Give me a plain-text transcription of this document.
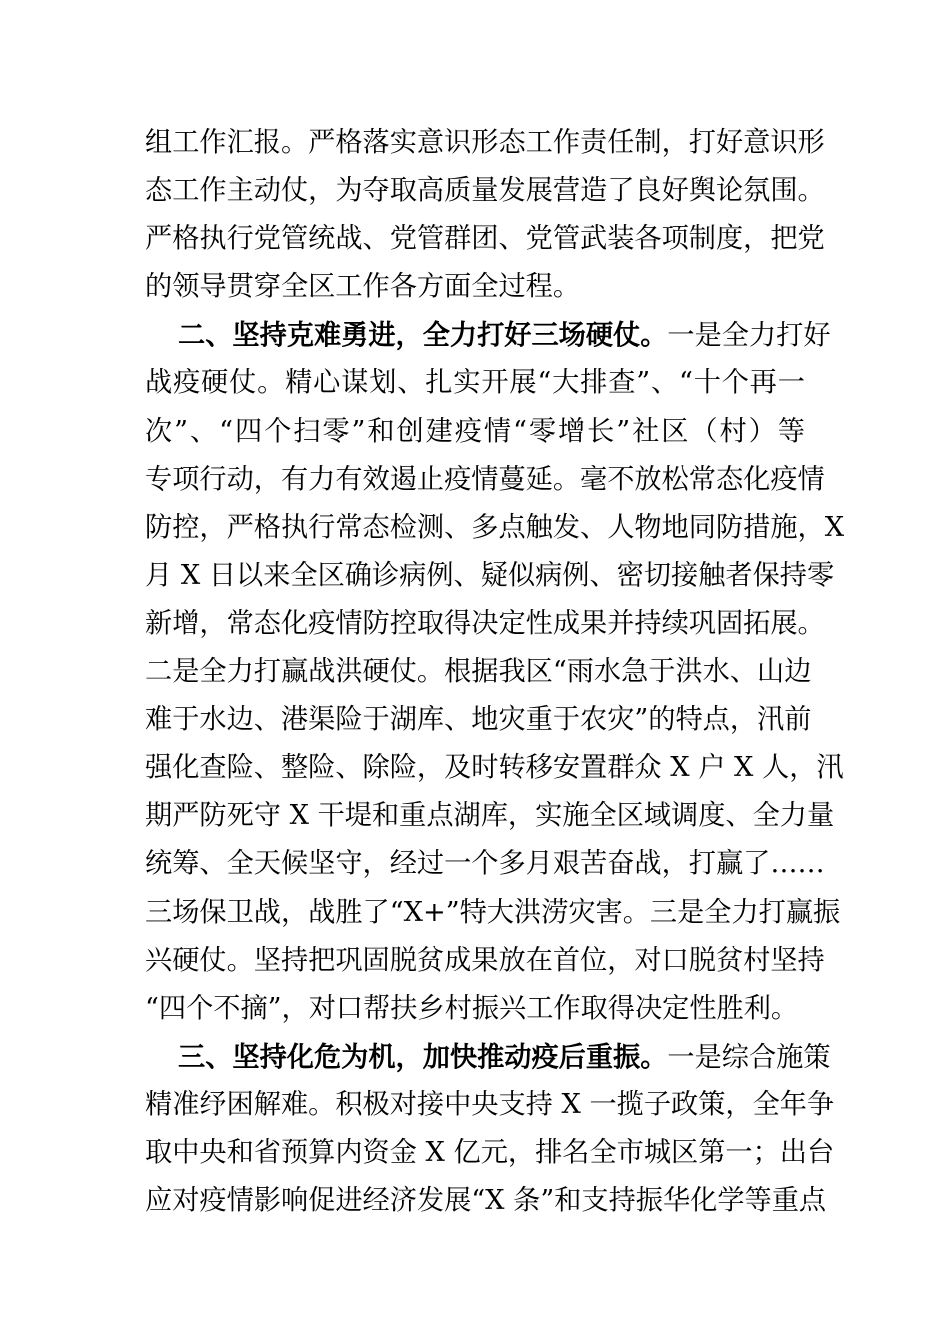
组工作汇报。严格落实意识形态工作责任制，打好意识形
态工作主动仗，为夺取高质量发展营造了良好舆论氛围。
严格执行党管统战、党管群团、党管武装各项制度，把党
的领导贯穿全区工作各方面全过程。
二、坚持克难勇进，全力打好三场硬仗。一是全力打好
战疫硬仗。精心谋划、扎实开展“大排查”、“十个再一
次”、“四个扫零”和创建疫情“零增长”社区（村）等
专项行动，有力有效遏止疫情蔓延。毫不放松常态化疫情
防控，严格执行常态检测、多点触发、人物地同防措施，X
月 X 日以来全区确诊病例、疑似病例、密切接触者保持零
新增，常态化疫情防控取得决定性成果并持续巩固拓展。
二是全力打赢战洪硬仗。根据我区“雨水急于洪水、山边
难于水边、港渠险于湖库、地灾重于农灾”的特点，汛前
强化查险、整险、除险，及时转移安置群众 X 户 X 人，汛
期严防死守 X 干堤和重点湖库，实施全区域调度、全力量
统筹、全天候坚守，经过一个多月艰苦奋战，打赢了……
三场保卫战，战胜了“X+”特大洪涝灾害。三是全力打赢振
兴硬仗。坚持把巩固脱贫成果放在首位，对口脱贫村坚持
“四个不摘”，对口帮扶乡村振兴工作取得决定性胜利。
三、坚持化危为机，加快推动疫后重振。一是综合施策
精准纾困解难。积极对接中央支持 X 一揽子政策，全年争
取中央和省预算内资金 X 亿元，排名全市城区第一；出台
应对疫情影响促进经济发展“X 条”和支持振华化学等重点
